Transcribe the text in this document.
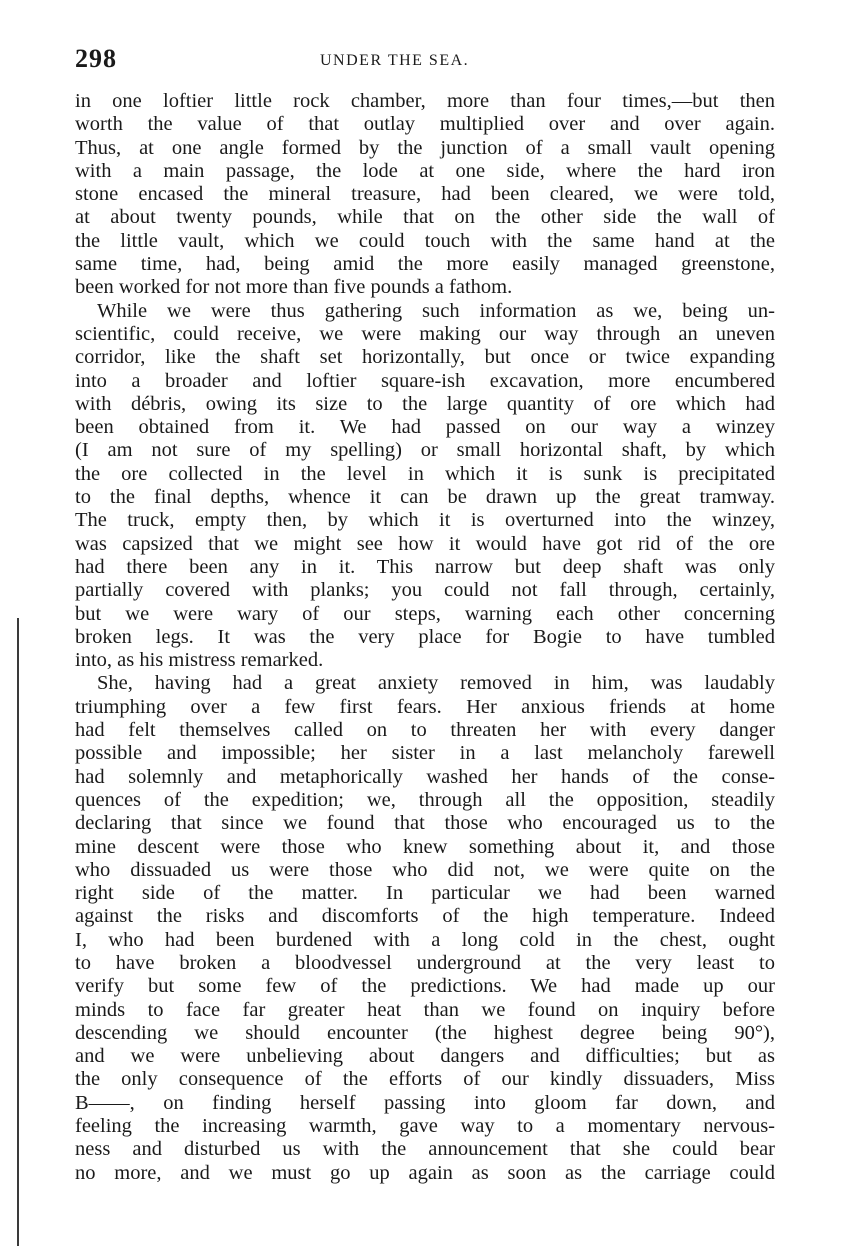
298	UNDER THE SEA.
in one loftier little rock chamber, more than four times,—but then
worth the value of that outlay multiplied over and over again.
Thus, at one angle formed by the junction of a small vault opening
with a main passage, the lode at one side, where the hard iron
stone encased the mineral treasure, had been cleared, we were told,
at about twenty pounds, while that on the other side the wall of
the little vault, which we could touch with the same hand at the
same time, had, being amid the more easily managed greenstone,
been worked for not more than five pounds a fathom.
While we were thus gathering such information as we, being un-
scientific, could receive, we were making our way through an uneven
corridor, like the shaft set horizontally, but once or twice expanding
into a broader and loftier square-ish excavation, more encumbered
with débris, owing its size to the large quantity of ore which had
been obtained from it. We had passed on our way a winzey
(I am not sure of my spelling) or small horizontal shaft, by which
the ore collected in the level in which it is sunk is precipitated
to the final depths, whence it can be drawn up the great tramway.
The truck, empty then, by which it is overturned into the winzey,
was capsized that we might see how it would have got rid of the ore
had there been any in it. This narrow but deep shaft was only
partially covered with planks; you could not fall through, certainly,
but we were wary of our steps, warning each other concerning
broken legs. It was the very place for Bogie to have tumbled
into, as his mistress remarked.
She, having had a great anxiety removed in him, was laudably
triumphing over a few first fears. Her anxious friends at home
had felt themselves called on to threaten her with every danger
possible and impossible; her sister in a last melancholy farewell
had solemnly and metaphorically washed her hands of the conse-
quences of the expedition; we, through all the opposition, steadily
declaring that since we found that those who encouraged us to the
mine descent were those who knew something about it, and those
who dissuaded us were those who did not, we were quite on the
right side of the matter. In particular we had been warned
against the risks and discomforts of the high temperature. Indeed
I, who had been burdened with a long cold in the chest, ought
to have broken a bloodvessel underground at the very least to
verify but some few of the predictions. We had made up our
minds to face far greater heat than we found on inquiry before
descending we should encounter (the highest degree being 90°),
and we were unbelieving about dangers and difficulties; but as
the only consequence of the efforts of our kindly dissuaders, Miss
B——, on finding herself passing into gloom far down, and
feeling the increasing warmth, gave way to a momentary nervous-
ness and disturbed us with the announcement that she could bear
no more, and we must go up again as soon as the carriage could
